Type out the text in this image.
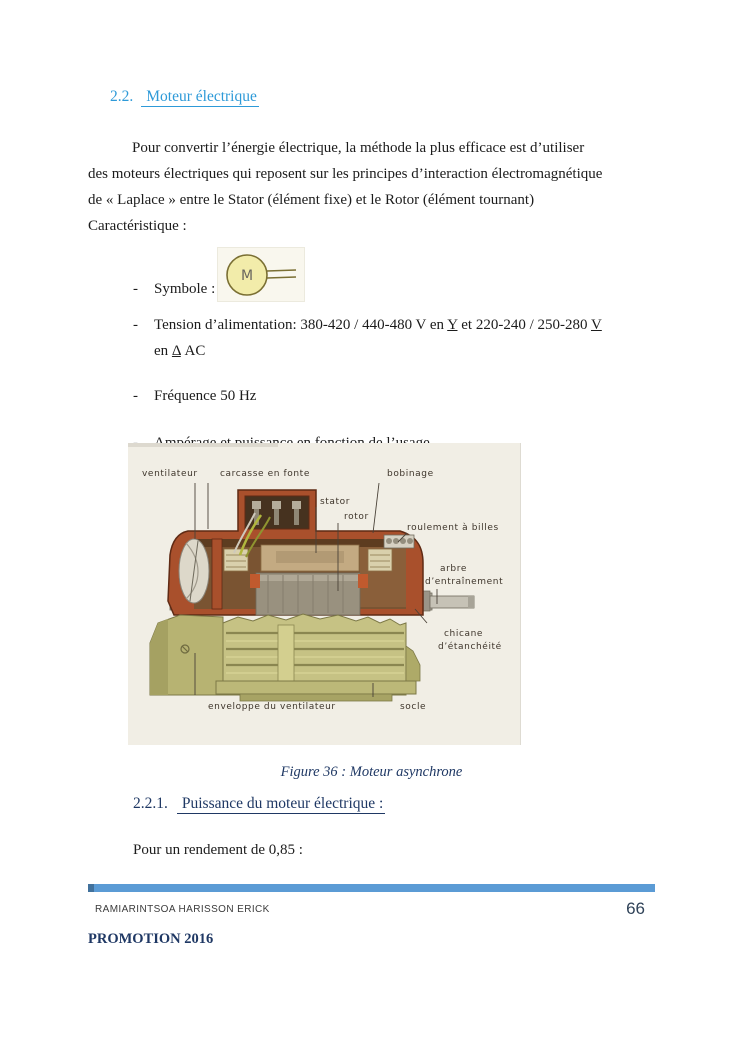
2.2. Moteur électrique
Pour convertir l’énergie électrique, la méthode la plus efficace est d’utiliser
des moteurs électriques qui reposent sur les principes d’interaction électromagnétique
de « Laplace » entre le Stator (élément fixe) et le Rotor (élément tournant)
Caractéristique :
-	Symbole :
M
-	Tension d’alimentation: 380-420 / 440-480 V en Y et 220-240 / 250-280 V
en Δ AC
-	Fréquence 50 Hz
ventilateur carcasse en fonte
stator
rotor
bobinage
roulement à billes
arbre
d’entraînement
chicane
d’étanchéité
enveloppe du ventilateur	socle
Figure 36 : Moteur asynchrone
2.2.1. Puissance du moteur électrique :
Pour un rendement de 0,85 :
RAMIARINTSOA HARISSON ERICK	66
PROMOTION 2016
